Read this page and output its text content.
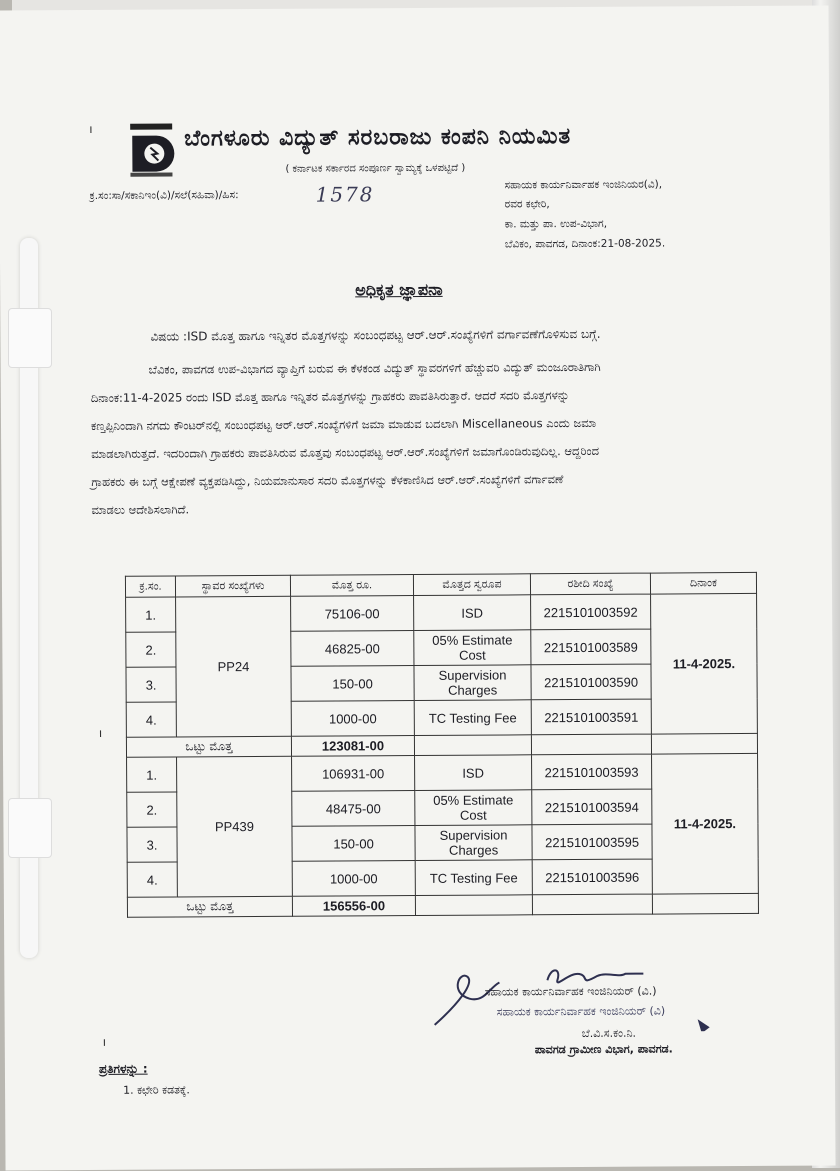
ಬೆಂಗಳೂರು ವಿದ್ಯುತ್ ಸರಬರಾಜು ಕಂಪನಿ ನಿಯಮಿತ
( ಕರ್ನಾಟಕ ಸರ್ಕಾರದ ಸಂಪೂರ್ಣ ಸ್ವಾಮ್ಯಕ್ಕೆ ಒಳಪಟ್ಟಿದೆ )
ಕ್ರ.ಸಂ:ಸಾ/ಸಕಾನಿಇಂ(ವಿ)/ಸಲೆ(ಸಹಿವಾ)/ಹಿಸ:	1578	ಸಹಾಯಕ ಕಾರ್ಯನಿರ್ವಾಹಕ ಇಂಜಿನಿಯರ(ವಿ),
ರವರ ಕಛೇರಿ,
ಕಾ. ಮತ್ತು ಪಾ. ಉಪ-ವಿಭಾಗ,
ಬೆವಿಕಂ, ಪಾವಗಡ, ದಿನಾಂಕ:21-08-2025.
ಅಧಿಕೃತ ಜ್ಞಾಪನಾ
ವಿಷಯ :ISD ಮೊತ್ತ ಹಾಗೂ ಇನ್ನಿತರ ಮೊತ್ತಗಳನ್ನು ಸಂಬಂಧಪಟ್ಟ ಆರ್.ಆರ್.ಸಂಖ್ಯೆಗಳಿಗೆ ವರ್ಗಾವಣೆಗೊಳಿಸುವ ಬಗ್ಗೆ.
ಬೆವಿಕಂ, ಪಾವಗಡ ಉಪ-ವಿಭಾಗದ ವ್ಯಾಪ್ತಿಗೆ ಬರುವ ಈ ಕೆಳಕಂಡ ವಿದ್ಯುತ್ ಸ್ಥಾವರಗಳಿಗೆ ಹೆಚ್ಚುವರಿ ವಿದ್ಯುತ್ ಮಂಜೂರಾತಿಗಾಗಿ
ದಿನಾಂಕ:11-4-2025 ರಂದು ISD ಮೊತ್ತ ಹಾಗೂ ಇನ್ನಿತರ ಮೊತ್ತಗಳನ್ನು ಗ್ರಾಹಕರು ಪಾವತಿಸಿರುತ್ತಾರೆ. ಆದರೆ ಸದರಿ ಮೊತ್ತಗಳನ್ನು
ಕಣ್ತಪ್ಪಿನಿಂದಾಗಿ ನಗದು ಕೌಂಟರ್‌ನಲ್ಲಿ ಸಂಬಂಧಪಟ್ಟ ಆರ್.ಆರ್.ಸಂಖ್ಯೆಗಳಿಗೆ ಜಮಾ ಮಾಡುವ ಬದಲಾಗಿ Miscellaneous ಎಂದು ಜಮಾ
ಮಾಡಲಾಗಿರುತ್ತದೆ. ಇದರಿಂದಾಗಿ ಗ್ರಾಹಕರು ಪಾವತಿಸಿರುವ ಮೊತ್ತವು ಸಂಬಂಧಪಟ್ಟ ಆರ್.ಆರ್.ಸಂಖ್ಯೆಗಳಿಗೆ ಜಮಾಗೊಂಡಿರುವುದಿಲ್ಲ. ಆದ್ದರಿಂದ
ಗ್ರಾಹಕರು ಈ ಬಗ್ಗೆ ಆಕ್ಷೇಪಣೆ ವ್ಯಕ್ತಪಡಿಸಿದ್ದು, ನಿಯಮಾನುಸಾರ ಸದರಿ ಮೊತ್ತಗಳನ್ನು ಕೆಳಕಾಣಿಸಿದ ಆರ್.ಆರ್.ಸಂಖ್ಯೆಗಳಿಗೆ ವರ್ಗಾವಣೆ
ಮಾಡಲು ಆದೇಶಿಸಲಾಗಿದೆ.
ಕ್ರ.ಸಂ.	ಸ್ಥಾವರ ಸಂಖ್ಯೆಗಳು	ಮೊತ್ತ ರೂ.	ಮೊತ್ತದ ಸ್ವರೂಪ	ರಶೀದಿ ಸಂಖ್ಯೆ	ದಿನಾಂಕ
1.	PP24	75106-00	ISD	2215101003592	11-4-2025.
2.		46825-00	05% Estimate Cost	2215101003589	
3.		150-00	Supervision Charges	2215101003590	
4.		1000-00	TC Testing Fee	2215101003591	
ಒಟ್ಟು ಮೊತ್ತ		123081-00			
1.	PP439	106931-00	ISD	2215101003593	11-4-2025.
2.		48475-00	05% Estimate Cost	2215101003594	
3.		150-00	Supervision Charges	2215101003595	
4.		1000-00	TC Testing Fee	2215101003596	
ಒಟ್ಟು ಮೊತ್ತ		156556-00			
ಸಹಾಯಕ ಕಾರ್ಯನಿರ್ವಾಹಕ ಇಂಜಿನಿಯರ್ (ವಿ.)
ಸಹಾಯಕ ಕಾರ್ಯನಿರ್ವಾಹಕ ಇಂಜಿನಿಯರ್ (ವಿ)
ಬೆ.ವಿ.ಸ.ಕಂ.ನಿ.
ಪಾವಗಡ ಗ್ರಾಮೀಣ ವಿಭಾಗ, ಪಾವಗಡ.
ಪ್ರತಿಗಳನ್ನು :
1. ಕಛೇರಿ ಕಡತಕ್ಕೆ.
ı
ı
ı
